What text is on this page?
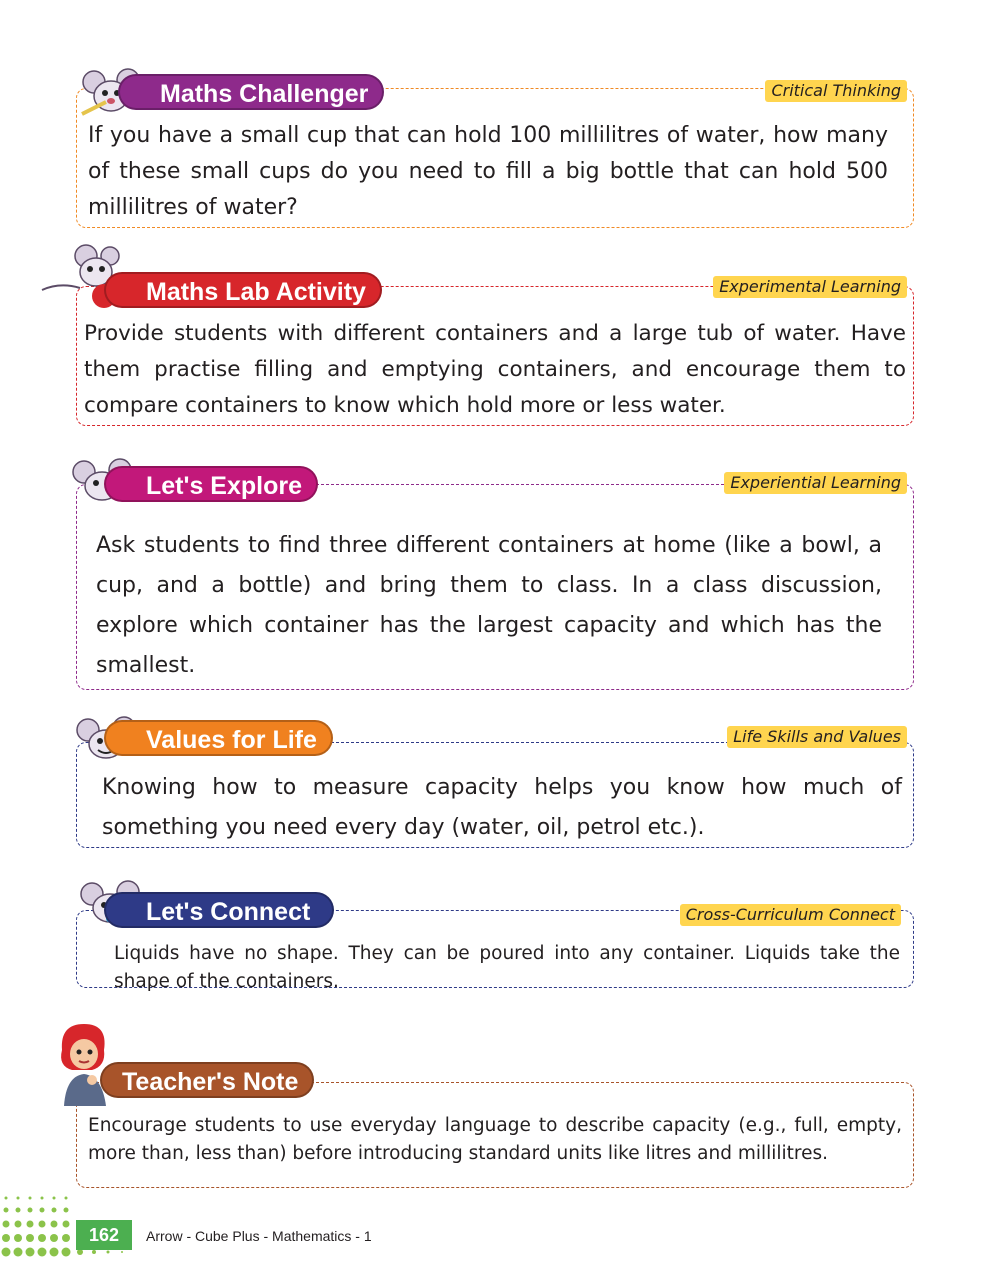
Maths Challenger	Critical Thinking
If you have a small cup that can hold 100 millilitres of water, how many of these small cups do you need to fill a big bottle that can hold 500 millilitres of water?
Maths Lab Activity	Experimental Learning
Provide students with different containers and a large tub of water. Have them practise filling and emptying containers, and encourage them to compare containers to know which hold more or less water.
Let's Explore	Experiential Learning
Ask students to find three different containers at home (like a bowl, a cup, and a bottle) and bring them to class. In a class discussion, explore which container has the largest capacity and which has the smallest.
Values for Life	Life Skills and Values
Knowing how to measure capacity helps you know how much of something you need every day (water, oil, petrol etc.).
Let's Connect	Cross-Curriculum Connect
Liquids have no shape. They can be poured into any container. Liquids take the shape of the containers.
Teacher's Note
Encourage students to use everyday language to describe capacity (e.g., full, empty, more than, less than) before introducing standard units like litres and millilitres.
162	Arrow - Cube Plus - Mathematics - 1
